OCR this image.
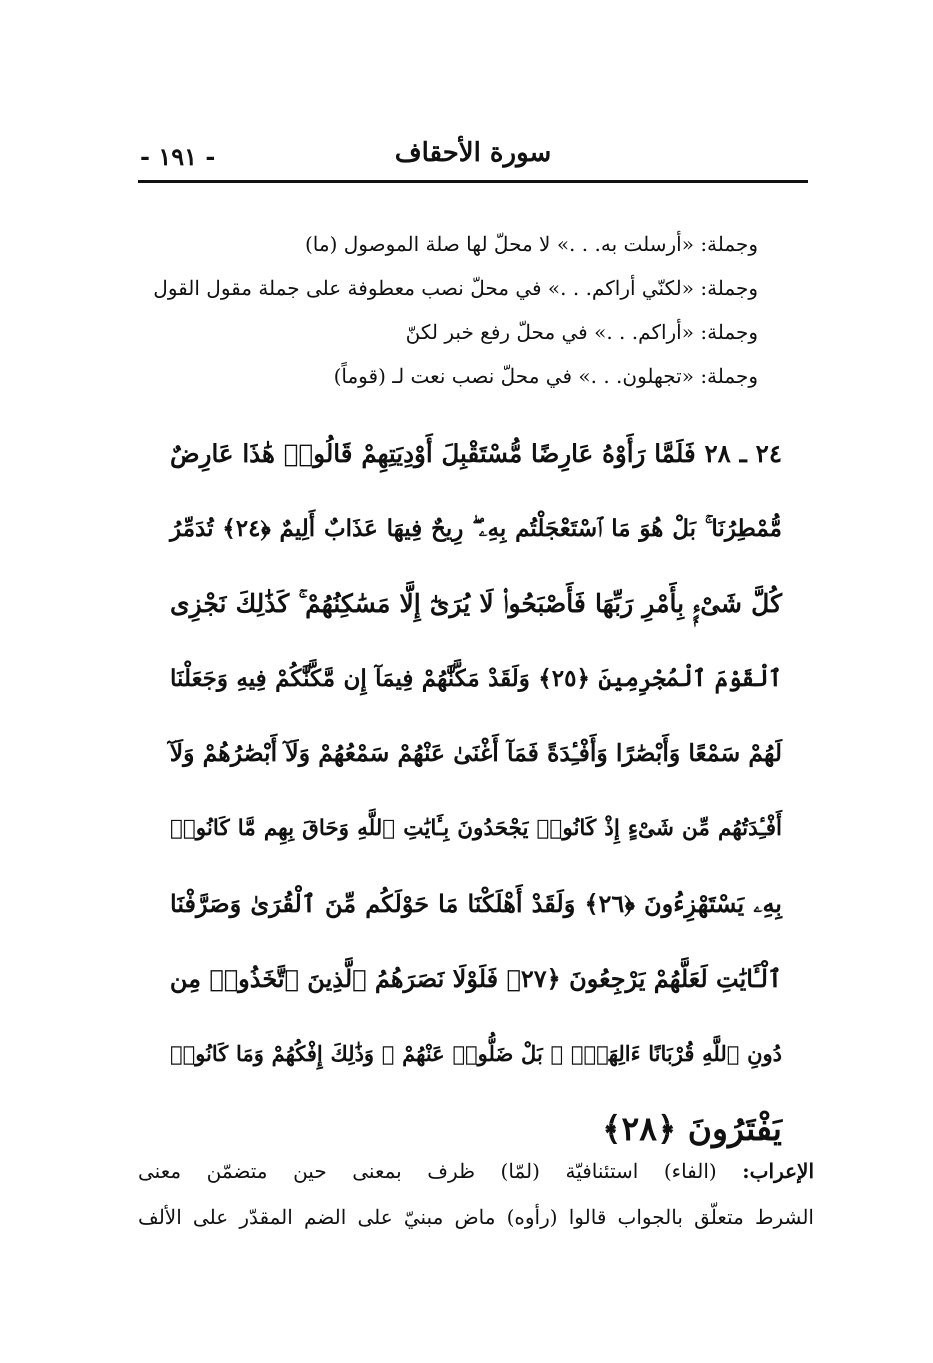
سورة الأحقاف
- ١٩١ -
وجملة: «أرسلت به. . .» لا محلّ لها صلة الموصول (ما)
وجملة: «لكنّي أراكم. . .» في محلّ نصب معطوفة على جملة مقول القول
وجملة: «أراكم. . .» في محلّ رفع خبر لكنّ
وجملة: «تجهلون. . .» في محلّ نصب نعت لـ (قوماً)
٢٤ ـ ٢٨ فَلَمَّا رَأَوْهُ عَارِضًا مُّسْتَقْبِلَ أَوْدِيَتِهِمْ قَالُوا۟ هَٰذَا عَارِضٌ
مُّمْطِرُنَا ۚ بَلْ هُوَ مَا ٱسْتَعْجَلْتُم بِهِۦ ۖ رِيحٌ فِيهَا عَذَابٌ أَلِيمٌ ﴿٢٤﴾ تُدَمِّرُ
كُلَّ شَىْءٍۭ بِأَمْرِ رَبِّهَا فَأَصْبَحُوا۟ لَا يُرَىٰٓ إِلَّا مَسَٰكِنُهُمْ ۚ كَذَٰلِكَ نَجْزِى
ٱلْقَوْمَ ٱلْمُجْرِمِينَ ﴿٢٥﴾ وَلَقَدْ مَكَّنَّٰهُمْ فِيمَآ إِن مَّكَّنَّٰكُمْ فِيهِ وَجَعَلْنَا
لَهُمْ سَمْعًا وَأَبْصَٰرًا وَأَفْـِٔدَةً فَمَآ أَغْنَىٰ عَنْهُمْ سَمْعُهُمْ وَلَآ أَبْصَٰرُهُمْ وَلَآ
أَفْـِٔدَتُهُم مِّن شَىْءٍ إِذْ كَانُوا۟ يَجْحَدُونَ بِـَٔايَٰتِ ٱللَّهِ وَحَاقَ بِهِم مَّا كَانُوا۟
بِهِۦ يَسْتَهْزِءُونَ ﴿٢٦﴾ وَلَقَدْ أَهْلَكْنَا مَا حَوْلَكُم مِّنَ ٱلْقُرَىٰ وَصَرَّفْنَا
ٱلْـَٔايَٰتِ لَعَلَّهُمْ يَرْجِعُونَ ﴿٢٧﴾ فَلَوْلَا نَصَرَهُمُ ٱلَّذِينَ ٱتَّخَذُوا۟ مِن
دُونِ ٱللَّهِ قُرْبَانًا ءَالِهَةًۢ ۖ بَلْ ضَلُّوا۟ عَنْهُمْ ۚ وَذَٰلِكَ إِفْكُهُمْ وَمَا كَانُوا۟
يَفْتَرُونَ ﴿٢٨﴾
الإعراب: (الفاء) استئنافيّة (لمّا) ظرف بمعنى حين متضمّن معنى
الشرط متعلّق بالجواب قالوا (رأوه) ماض مبنيّ على الضم المقدّر على الألف
